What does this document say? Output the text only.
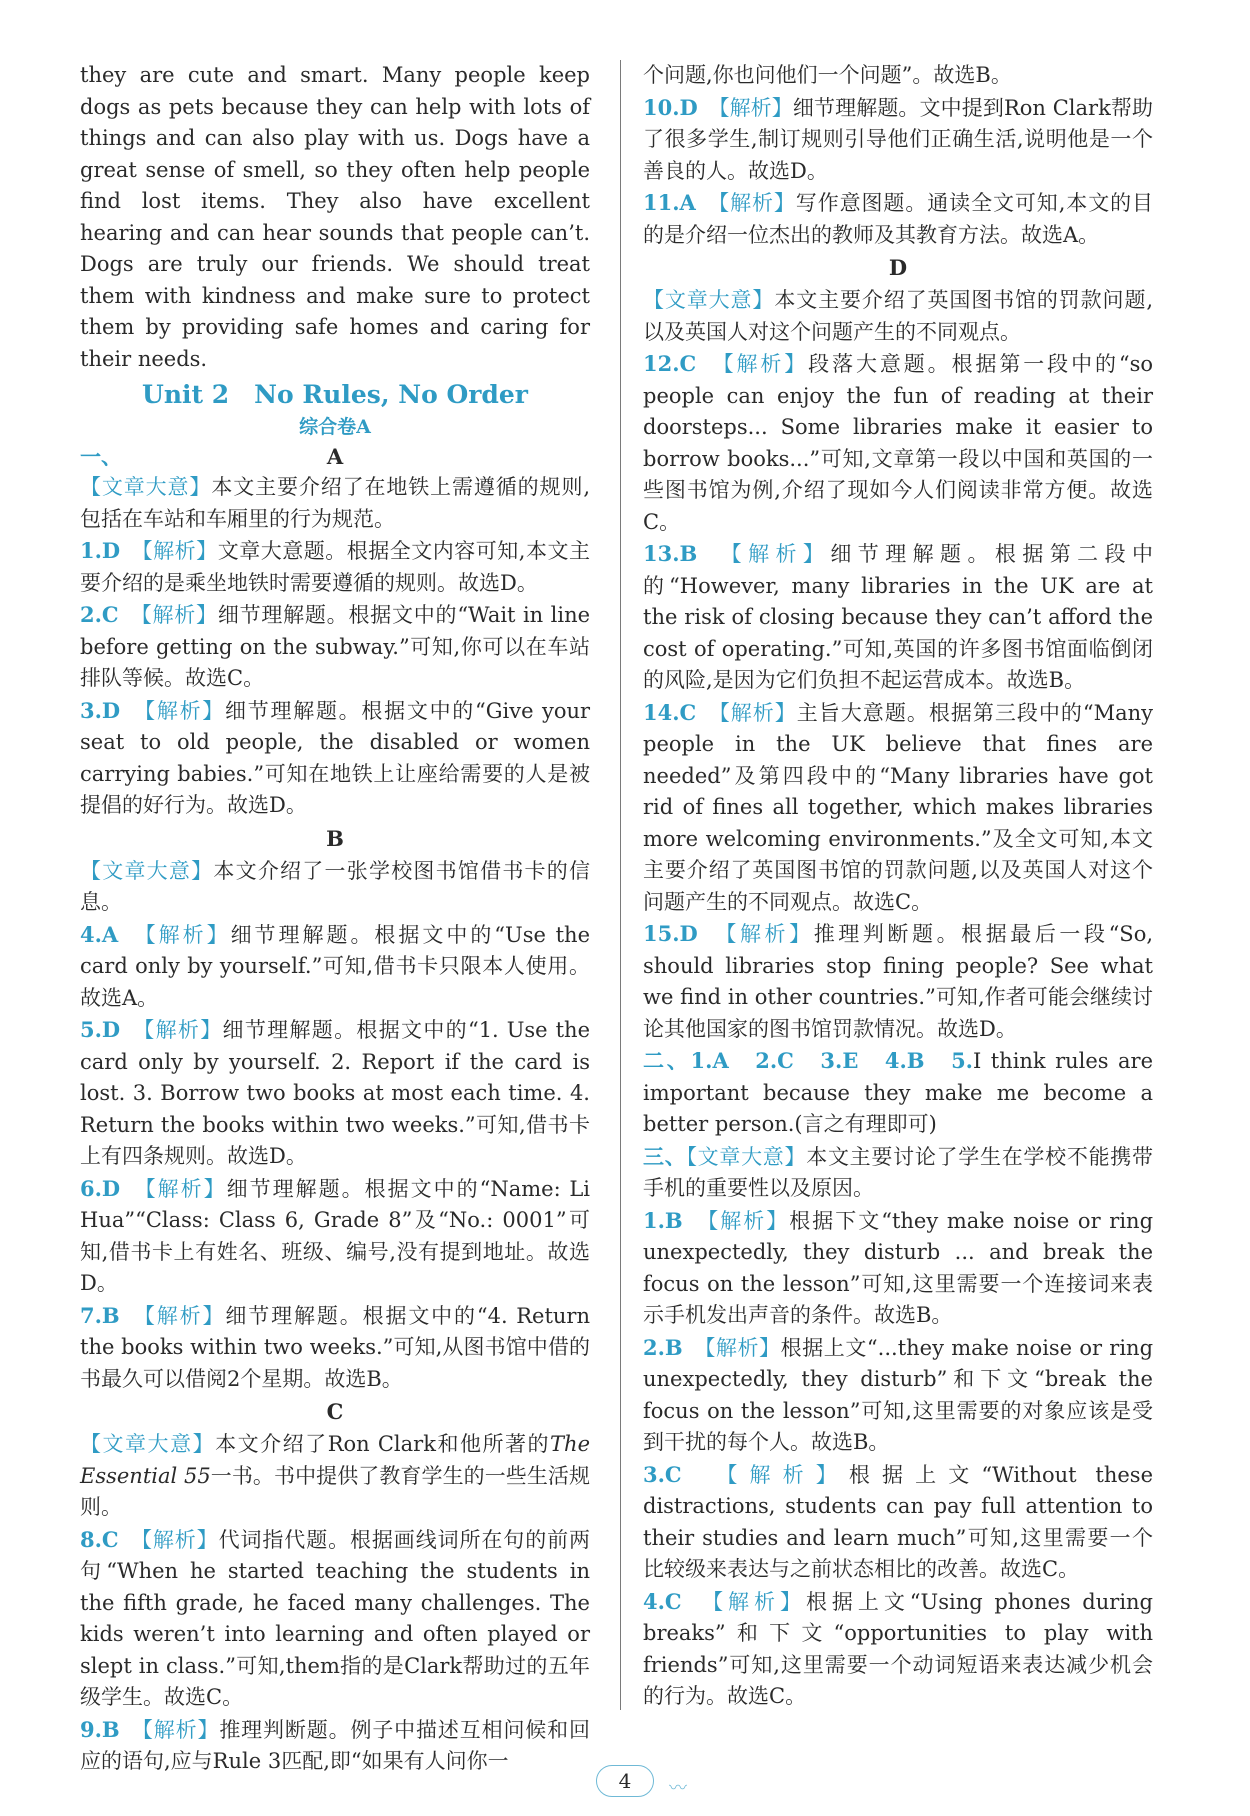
they are cute and smart. Many people keep dogs as pets because they can help with lots of things and can also play with us. Dogs have a great sense of smell, so they often help people find lost items. They also have excellent hearing and can hear sounds that people can’t. Dogs are truly our friends. We should treat them with kindness and make sure to protect them by providing safe homes and caring for their needs.

Unit 2　No Rules, No Order
综合卷A
一、	A

【文章大意】本文主要介绍了在地铁上需遵循的规则,包括在车站和车厢里的行为规范。

1.D　 【解析】文章大意题。根据全文内容可知,本文主要介绍的是乘坐地铁时需要遵循的规则。故选D。

2.C　 【解析】细节理解题。根据文中的“Wait in line before getting on the subway.”可知,你可以在车站排队等候。故选C。

3.D　 【解析】细节理解题。根据文中的“Give your seat to old people, the disabled or women carrying babies.”可知在地铁上让座给需要的人是被提倡的好行为。故选D。

B

【文章大意】本文介绍了一张学校图书馆借书卡的信息。

4.A　 【解析】细节理解题。根据文中的“Use the card only by yourself.”可知,借书卡只限本人使用。故选A。

5.D　 【解析】细节理解题。根据文中的“1. Use the card only by yourself. 2. Report if the card is lost. 3. Borrow two books at most each time. 4. Return the books within two weeks.”可知,借书卡上有四条规则。故选D。

6.D　 【解析】细节理解题。根据文中的“Name: Li Hua”“Class: Class 6, Grade 8”及“No.: 0001”可知,借书卡上有姓名、班级、编号,没有提到地址。故选D。

7.B　 【解析】细节理解题。根据文中的“4. Return the books within two weeks.”可知,从图书馆中借的书最久可以借阅2个星期。故选B。

C

【文章大意】本文介绍了Ron Clark和他所著的The Essential 55一书。书中提供了教育学生的一些生活规则。

8.C　 【解析】代词指代题。根据画线词所在句的前两句“When he started teaching the students in the fifth grade, he faced many challenges. The kids weren’t into learning and often played or slept in class.”可知,them指的是Clark帮助过的五年级学生。故选C。

9.B　 【解析】推理判断题。例子中描述互相问候和回应的语句,应与Rule 3匹配,即“如果有人问你一

个问题,你也问他们一个问题”。故选B。

10.D　 【解析】细节理解题。文中提到Ron Clark帮助了很多学生,制订规则引导他们正确生活,说明他是一个善良的人。故选D。

11.A　 【解析】写作意图题。通读全文可知,本文的目的是介绍一位杰出的教师及其教育方法。故选A。

D

【文章大意】本文主要介绍了英国图书馆的罚款问题,以及英国人对这个问题产生的不同观点。

12.C　 【解析】段落大意题。根据第一段中的“so people can enjoy the fun of reading at their doorsteps... Some libraries make it easier to borrow books...”可知,文章第一段以中国和英国的一些图书馆为例,介绍了现如今人们阅读非常方便。故选C。

13.B　 【解析】细节理解题。根据第二段中的“However, many libraries in the UK are at the risk of closing because they can’t afford the cost of operating.”可知,英国的许多图书馆面临倒闭的风险,是因为它们负担不起运营成本。故选B。

14.C　 【解析】主旨大意题。根据第三段中的“Many people in the UK believe that fines are needed”及第四段中的“Many libraries have got rid of fines all together, which makes libraries more welcoming environments.”及全文可知,本文主要介绍了英国图书馆的罚款问题,以及英国人对这个问题产生的不同观点。故选C。

15.D　 【解析】推理判断题。根据最后一段“So, should libraries stop fining people? See what we find in other countries.”可知,作者可能会继续讨论其他国家的图书馆罚款情况。故选D。

二、1.A　 2.C　 3.E　 4.B　 5.I think rules are important because they make me become a better person.(言之有理即可)

三、【文章大意】本文主要讨论了学生在学校不能携带手机的重要性以及原因。

1.B　 【解析】根据下文“they make noise or ring unexpectedly, they disturb ... and break the focus on the lesson”可知,这里需要一个连接词来表示手机发出声音的条件。故选B。

2.B　 【解析】根据上文“...they make noise or ring unexpectedly, they disturb”和下文“break the focus on the lesson”可知,这里需要的对象应该是受到干扰的每个人。故选B。

3.C　 【解析】根据上文“Without these distractions, students can pay full attention to their studies and learn much”可知,这里需要一个比较级来表达与之前状态相比的改善。故选C。

4.C　 【解析】根据上文“Using phones during breaks”和下文“opportunities to play with friends”可知,这里需要一个动词短语来表达减少机会的行为。故选C。

4 〰
